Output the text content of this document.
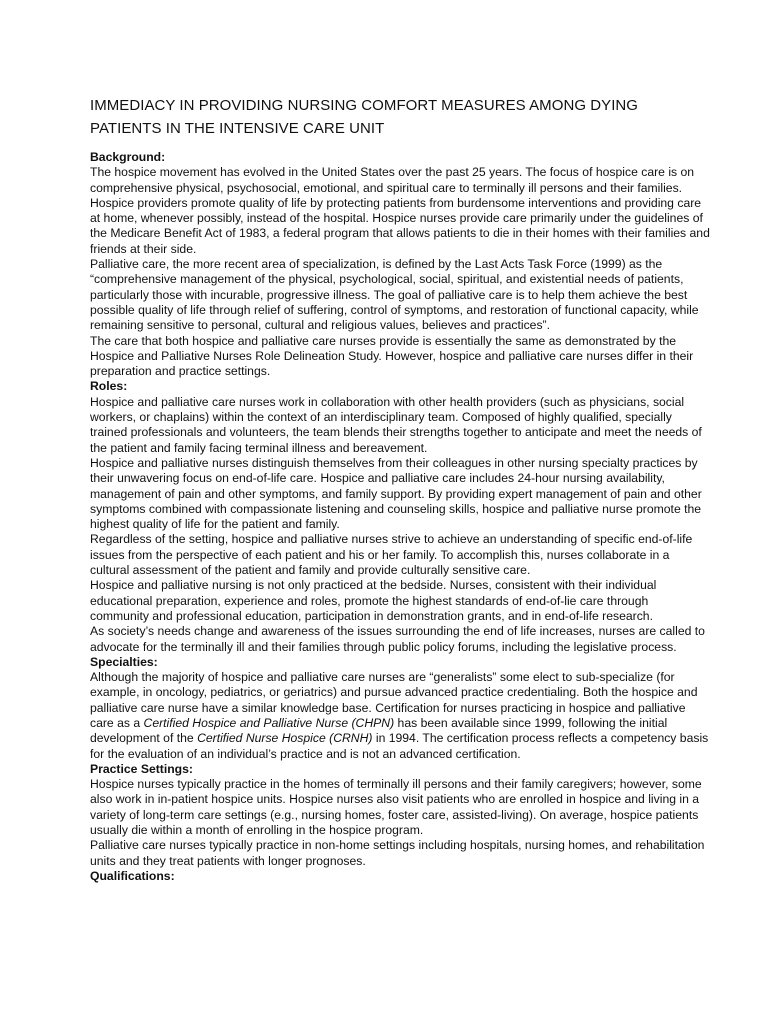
IMMEDIACY IN PROVIDING NURSING COMFORT MEASURES AMONG DYING PATIENTS IN THE INTENSIVE CARE UNIT

Background:

The hospice movement has evolved in the United States over the past 25 years. The focus of hospice care is on comprehensive physical, psychosocial, emotional, and spiritual care to terminally ill persons and their families. Hospice providers promote quality of life by protecting patients from burdensome interventions and providing care at home, whenever possibly, instead of the hospital. Hospice nurses provide care primarily under the guidelines of the Medicare Benefit Act of 1983, a federal program that allows patients to die in their homes with their families and friends at their side.

Palliative care, the more recent area of specialization, is defined by the Last Acts Task Force (1999) as the “comprehensive management of the physical, psychological, social, spiritual, and existential needs of patients, particularly those with incurable, progressive illness. The goal of palliative care is to help them achieve the best possible quality of life through relief of suffering, control of symptoms, and restoration of functional capacity, while remaining sensitive to personal, cultural and religious values, believes and practices”.

The care that both hospice and palliative care nurses provide is essentially the same as demonstrated by the Hospice and Palliative Nurses Role Delineation Study. However, hospice and palliative care nurses differ in their preparation and practice settings.

Roles:

Hospice and palliative care nurses work in collaboration with other health providers (such as physicians, social workers, or chaplains) within the context of an interdisciplinary team. Composed of highly qualified, specially trained professionals and volunteers, the team blends their strengths together to anticipate and meet the needs of the patient and family facing terminal illness and bereavement.

Hospice and palliative nurses distinguish themselves from their colleagues in other nursing specialty practices by their unwavering focus on end-of-life care. Hospice and palliative care includes 24-hour nursing availability, management of pain and other symptoms, and family support. By providing expert management of pain and other symptoms combined with compassionate listening and counseling skills, hospice and palliative nurse promote the highest quality of life for the patient and family.

Regardless of the setting, hospice and palliative nurses strive to achieve an understanding of specific end-of-life issues from the perspective of each patient and his or her family. To accomplish this, nurses collaborate in a cultural assessment of the patient and family and provide culturally sensitive care.

Hospice and palliative nursing is not only practiced at the bedside. Nurses, consistent with their individual educational preparation, experience and roles, promote the highest standards of end-of-lie care through community and professional education, participation in demonstration grants, and in end-of-life research.

As society’s needs change and awareness of the issues surrounding the end of life increases, nurses are called to advocate for the terminally ill and their families through public policy forums, including the legislative process.

Specialties:

Although the majority of hospice and palliative care nurses are “generalists” some elect to sub-specialize (for example, in oncology, pediatrics, or geriatrics) and pursue advanced practice credentialing. Both the hospice and palliative care nurse have a similar knowledge base. Certification for nurses practicing in hospice and palliative care as a Certified Hospice and Palliative Nurse (CHPN) has been available since 1999, following the initial development of the Certified Nurse Hospice (CRNH) in 1994. The certification process reflects a competency basis for the evaluation of an individual’s practice and is not an advanced certification.

Practice Settings:

Hospice nurses typically practice in the homes of terminally ill persons and their family caregivers; however, some also work in in-patient hospice units. Hospice nurses also visit patients who are enrolled in hospice and living in a variety of long-term care settings (e.g., nursing homes, foster care, assisted-living). On average, hospice patients usually die within a month of enrolling in the hospice program.

Palliative care nurses typically practice in non-home settings including hospitals, nursing homes, and rehabilitation units and they treat patients with longer prognoses.

Qualifications:
